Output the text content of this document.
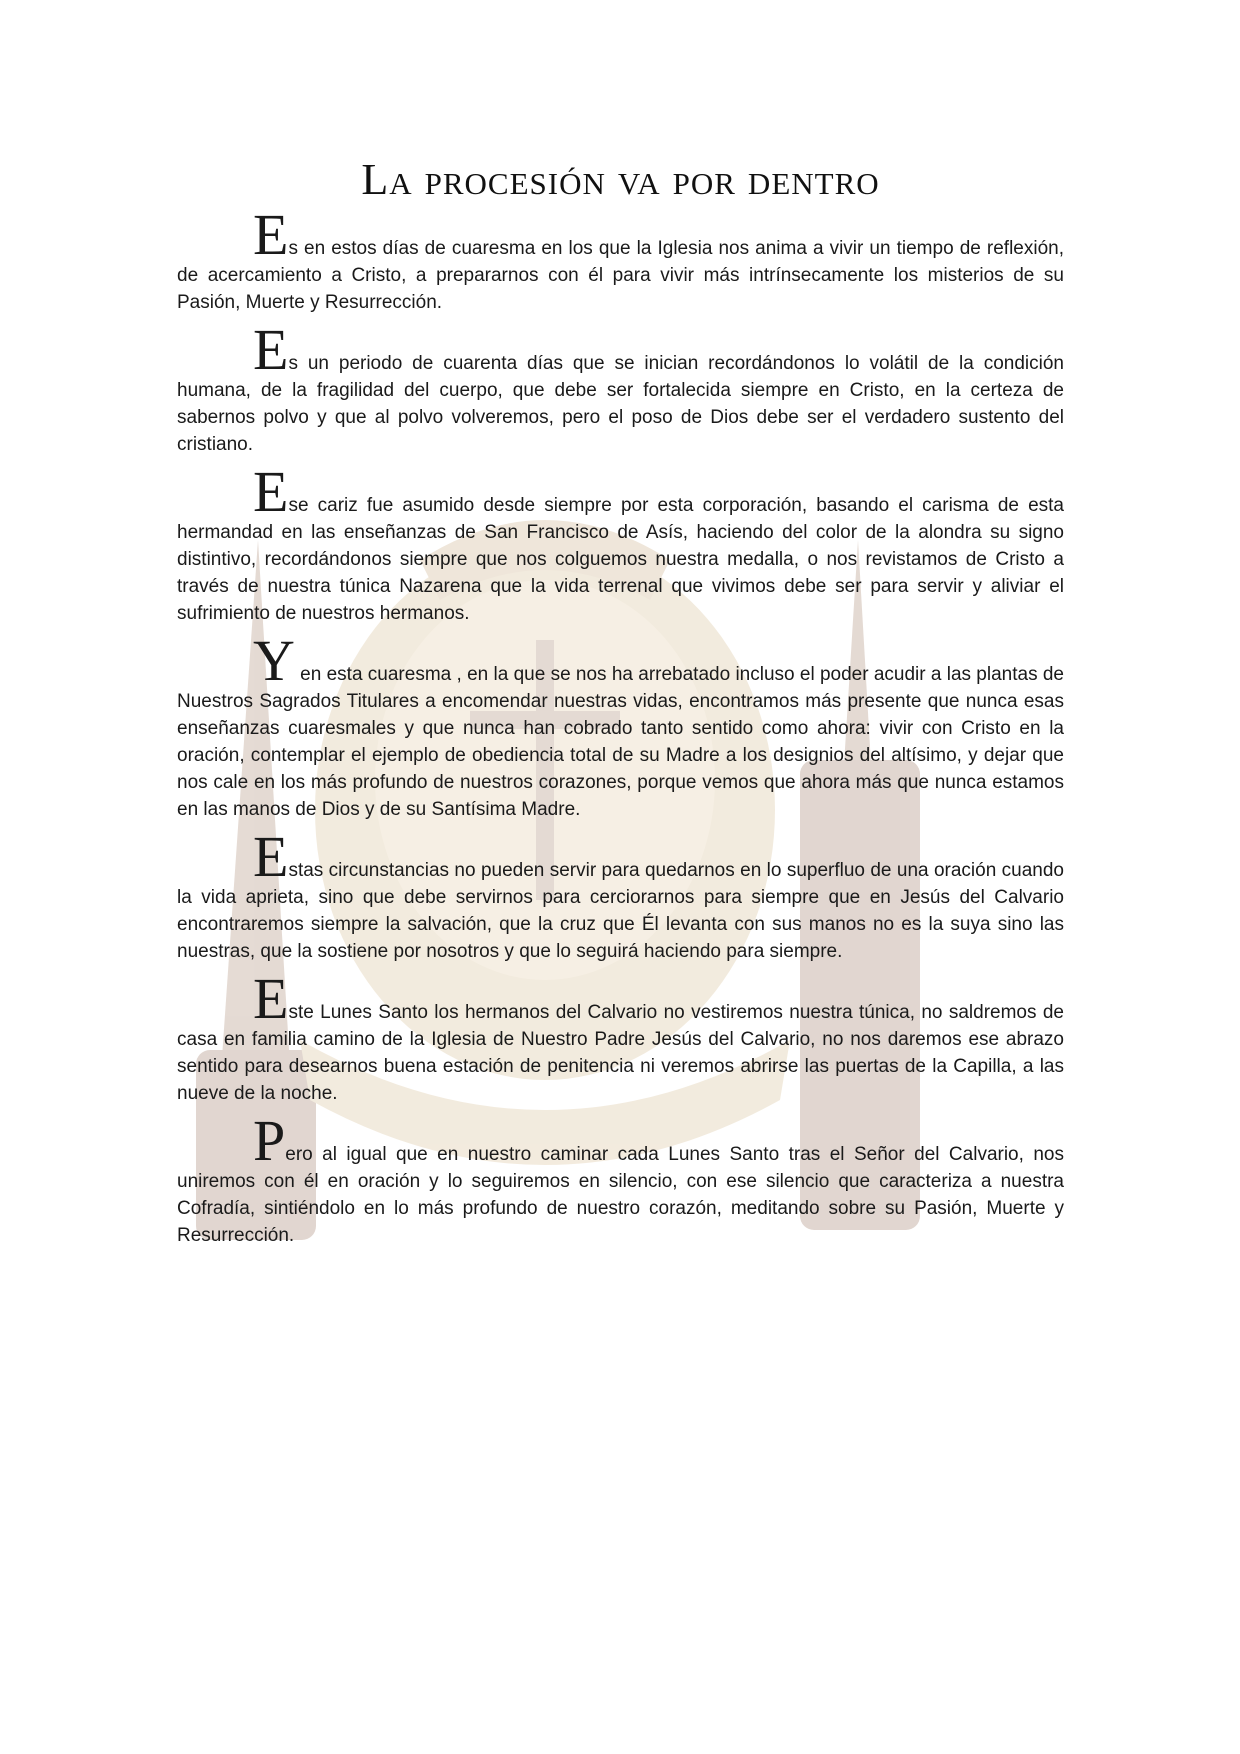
La procesión va por dentro

Es en estos días de cuaresma en los que la Iglesia nos anima a vivir un tiempo de reflexión, de acercamiento a Cristo, a prepararnos con él para vivir más intrínsecamente los misterios de su Pasión, Muerte y Resurrección.

Es un periodo de cuarenta días que se inician recordándonos lo volátil de la condición humana, de la fragilidad del cuerpo, que debe ser fortalecida siempre en Cristo, en la certeza de sabernos polvo y que al polvo volveremos, pero el poso de Dios debe ser el verdadero sustento del cristiano.

Ese cariz fue asumido desde siempre por esta corporación, basando el carisma de esta hermandad en las enseñanzas de San Francisco de Asís, haciendo del color de la alondra su signo distintivo, recordándonos siempre que nos colguemos nuestra medalla, o nos revistamos de Cristo a través de nuestra túnica Nazarena que la vida terrenal que vivimos debe ser para servir y aliviar el sufrimiento de nuestros hermanos.

Y en esta cuaresma , en la que se nos ha arrebatado incluso el poder acudir a las plantas de Nuestros Sagrados Titulares a encomendar nuestras vidas, encontramos más presente que nunca esas enseñanzas cuaresmales y que nunca han cobrado tanto sentido como ahora: vivir con Cristo en la oración, contemplar el ejemplo de obediencia total de su Madre a los designios del altísimo, y dejar que nos cale en los más profundo de nuestros corazones, porque vemos que ahora más que nunca estamos en las manos de Dios y de su Santísima Madre.

Estas circunstancias no pueden servir para quedarnos en lo superfluo de una oración cuando la vida aprieta, sino que debe servirnos para cerciorarnos para siempre que en Jesús del Calvario encontraremos siempre la salvación, que la cruz que Él levanta con sus manos no es la suya sino las nuestras, que la sostiene por nosotros y que lo seguirá haciendo para siempre.

Este Lunes Santo los hermanos del Calvario no vestiremos nuestra túnica, no saldremos de casa en familia camino de la Iglesia de Nuestro Padre Jesús del Calvario, no nos daremos ese abrazo sentido para desearnos buena estación de penitencia ni veremos abrirse las puertas de la Capilla, a las nueve de la noche.

Pero al igual que en nuestro caminar cada Lunes Santo tras el Señor del Calvario, nos uniremos con él en oración y lo seguiremos en silencio, con ese silencio que caracteriza a nuestra Cofradía, sintiéndolo en lo más profundo de nuestro corazón, meditando sobre su Pasión, Muerte y Resurrección.
